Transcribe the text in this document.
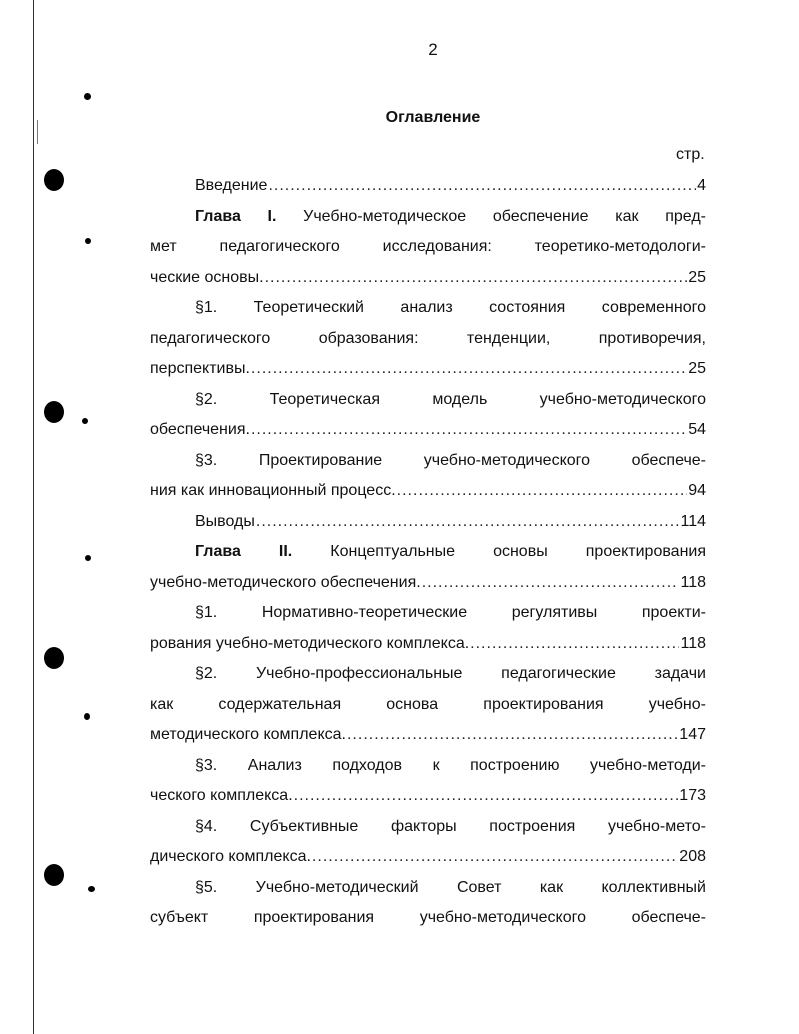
2
Оглавление
стр.
Введение .....	4
Глава I. Учебно-методическое обеспечение как пред-
мет педагогического исследования: теоретико-методологи-
ческие основы. .....	25
§1. Теоретический анализ состояния современного
педагогического образования: тенденции, противоречия,
перспективы. .....	25
§2. Теоретическая модель учебно-методического
обеспечения. .....	54
§3. Проектирование учебно-методического обеспече-
ния как инновационный процесс. .....	94
Выводы .....	114
Глава II. Концептуальные основы проектирования
учебно-методического обеспечения. .....	118
§1. Нормативно-теоретические регулятивы проекти-
рования учебно-методического комплекса. .....	118
§2. Учебно-профессиональные педагогические задачи
как содержательная основа проектирования учебно-
методического комплекса. .....	147
§3. Анализ подходов к построению учебно-методи-
ческого комплекса. .....	173
§4. Субъективные факторы построения учебно-мето-
дического комплекса. .....	208
§5. Учебно-методический Совет как коллективный
субъект проектирования учебно-методического обеспече-
